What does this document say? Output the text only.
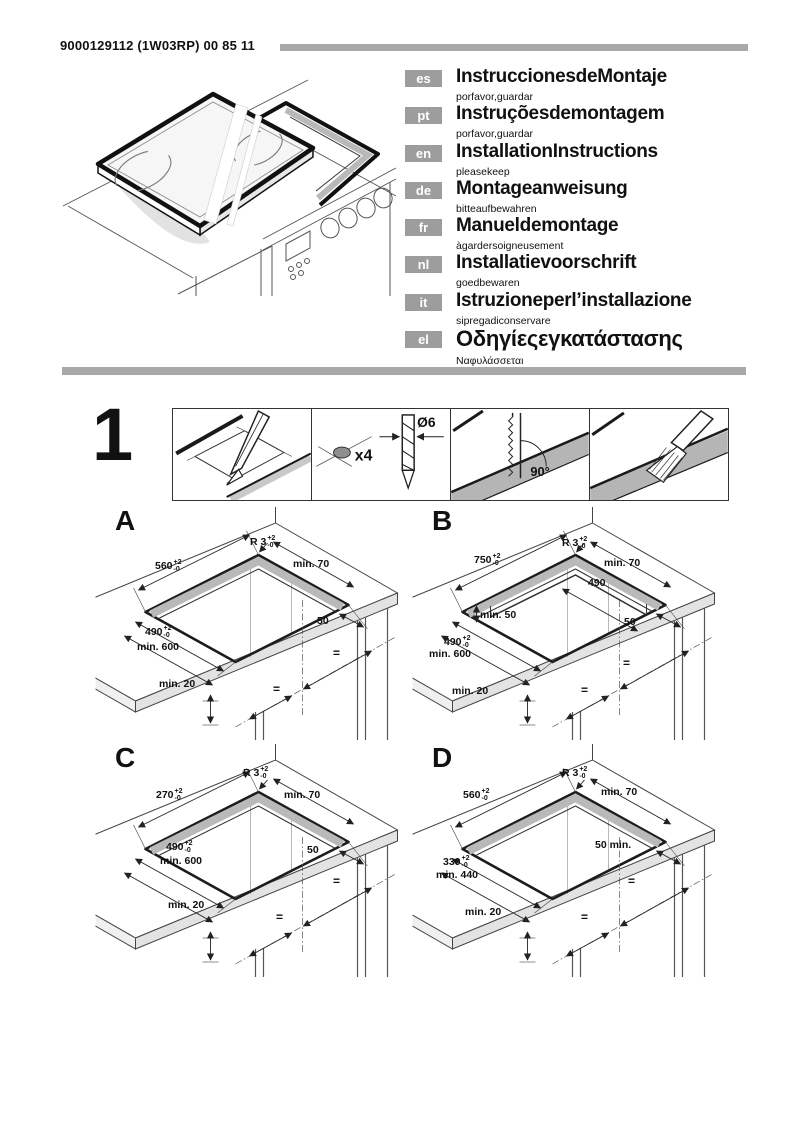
9000129112 (1W03RP) 00 85 11
es	InstruccionesdeMontaje
porfavor,guardar
pt	Instruçõesdemontagem
porfavor,guardar
en	InstallationInstructions
pleasekeep
de	Montageanweisung
bitteaufbewahren
fr	Manueldemontage
àgardersoigneusement
nl	Installatievoorschrift
goedbewaren
it	Istruzioneperl’installazione
sipregadiconservare
el	Οδηγίεςεγκατάστασης
Ναφυλάσσεται
1	x4
Ø6
90°
A
R 3 +2
-0
560 +2
-0	min. 70
490 +2
-0
min. 600
50
min. 20
=
=
B
R 3 +2
-0
750 +2
-0	min. 70
490
min. 50
490 +2
-0
min. 600
50
min. 20
=
=
C	R 3 +2
-0
270 +2
-0	min. 70
490 +2
-0
min. 600
50
min. 20
=
=
D	R 3 +2
-0
560 +2
-0
min. 70
330 +2
-0
min. 440
50 min.
min. 20
=
=
